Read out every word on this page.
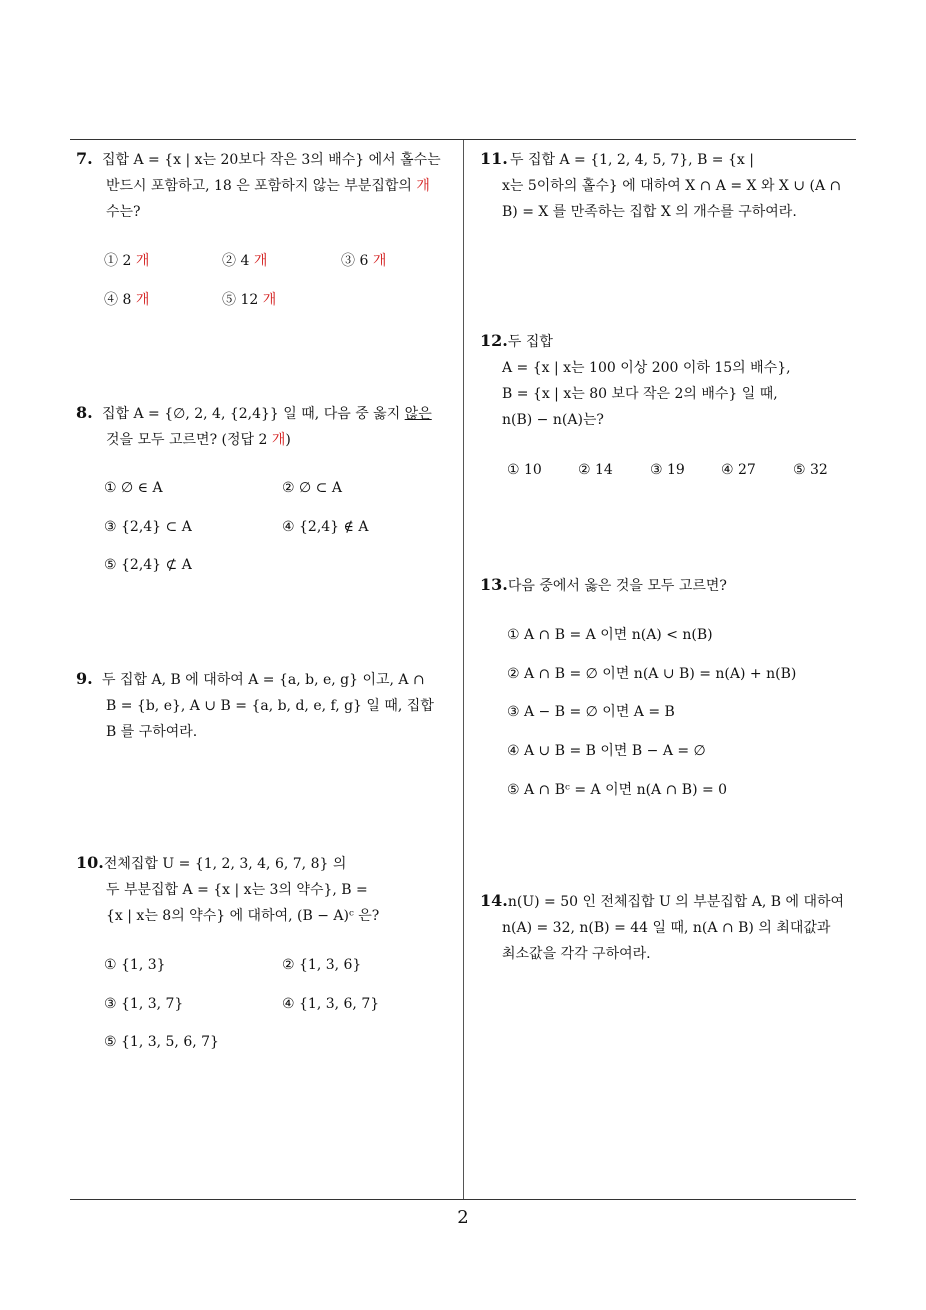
7. 집합 A = {x | x는 20보다 작은 3의 배수} 에서 홀수는
반드시 포함하고, 18 은 포함하지 않는 부분집합의 개
수는?
① 2 개	② 4 개	③ 6 개
④ 8 개	⑤ 12 개
8. 집합 A = {∅, 2, 4, {2,4}} 일 때, 다음 중 옳지 않은
것을 모두 고르면? (정답 2 개)
① ∅ ∈ A	② ∅ ⊂ A
③ {2,4} ⊂ A	④ {2,4} ∉ A
⑤ {2,4} ⊄ A
9. 두 집합 A, B 에 대하여 A = {a, b, e, g} 이고, A ∩
B = {b, e}, A ∪ B = {a, b, d, e, f, g} 일 때, 집합
B 를 구하여라.
10.전체집합 U = {1, 2, 3, 4, 6, 7, 8} 의
두 부분집합 A = {x | x는 3의 약수}, B =
{x | x는 8의 약수} 에 대하여, (B − A)ᶜ 은?
① {1, 3}	② {1, 3, 6}
③ {1, 3, 7}	④ {1, 3, 6, 7}
⑤ {1, 3, 5, 6, 7}
11. 두 집합 A = {1, 2, 4, 5, 7}, B = {x |
x는 5이하의 홀수} 에 대하여 X ∩ A = X 와 X ∪ (A ∩
B) = X 를 만족하는 집합 X 의 개수를 구하여라.
12.두 집합
A = {x | x는 100 이상 200 이하 15의 배수},
B = {x | x는 80 보다 작은 2의 배수} 일 때,
n(B) − n(A)는?
① 10	② 14	③ 19	④ 27	⑤ 32
13.다음 중에서 옳은 것을 모두 고르면?
① A ∩ B = A 이면 n(A) < n(B)
② A ∩ B = ∅ 이면 n(A ∪ B) = n(A) + n(B)
③ A − B = ∅ 이면 A = B
④ A ∪ B = B 이면 B − A = ∅
⑤ A ∩ Bᶜ = A 이면 n(A ∩ B) = 0
14.n(U) = 50 인 전체집합 U 의 부분집합 A, B 에 대하여
n(A) = 32, n(B) = 44 일 때, n(A ∩ B) 의 최대값과
최소값을 각각 구하여라.
2
